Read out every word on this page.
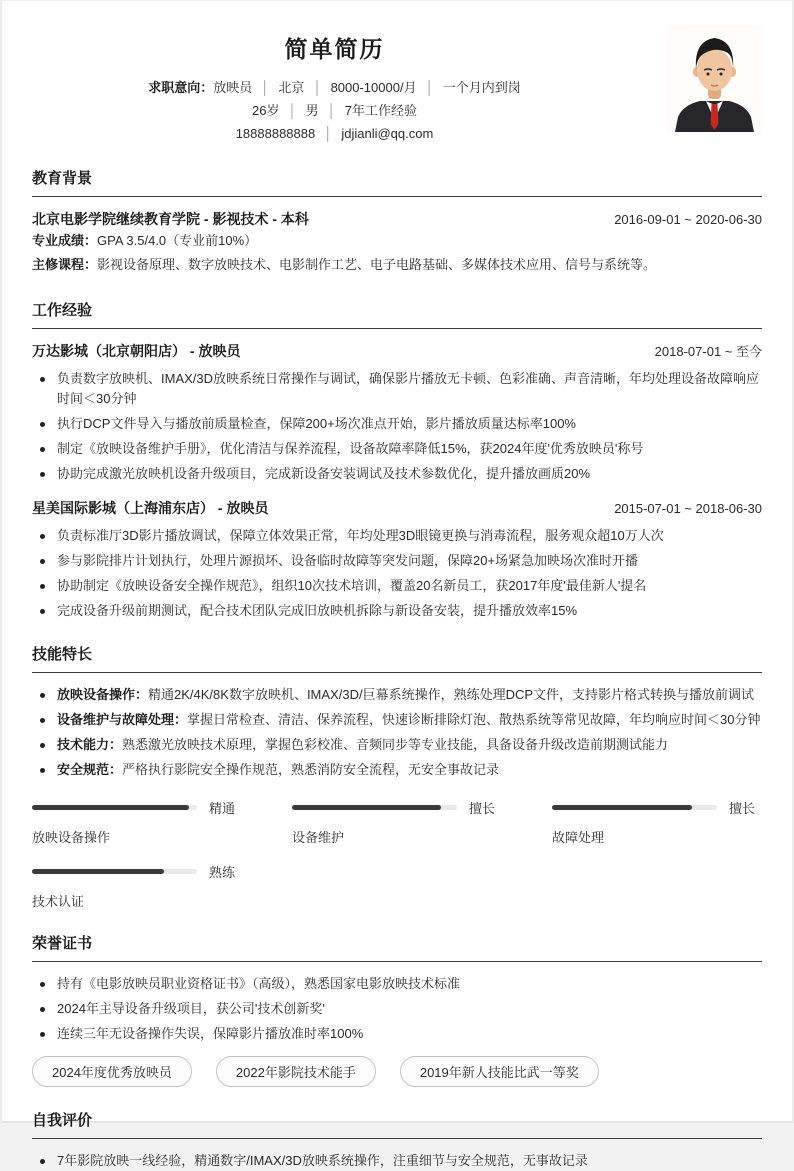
简单简历
求职意向：放映员 │ 北京 │ 8000-10000/月 │ 一个月内到岗
26岁 │ 男 │ 7年工作经验
18888888888 │ jdjianli@qq.com
教育背景
北京电影学院继续教育学院 - 影视技术 - 本科	2016-09-01 ~ 2020-06-30
专业成绩：GPA 3.5/4.0（专业前10%）
主修课程：影视设备原理、数字放映技术、电影制作工艺、电子电路基础、多媒体技术应用、信号与系统等。
工作经验
万达影城（北京朝阳店） - 放映员	2018-07-01 ~ 至今
负责数字放映机、IMAX/3D放映系统日常操作与调试，确保影片播放无卡顿、色彩准确、声音清晰，年均处理设备故障响应时间＜30分钟
执行DCP文件导入与播放前质量检查，保障200+场次准点开始，影片播放质量达标率100%
制定《放映设备维护手册》，优化清洁与保养流程，设备故障率降低15%，获2024年度'优秀放映员'称号
协助完成激光放映机设备升级项目，完成新设备安装调试及技术参数优化，提升播放画质20%
星美国际影城（上海浦东店） - 放映员	2015-07-01 ~ 2018-06-30
负责标准厅3D影片播放调试，保障立体效果正常，年均处理3D眼镜更换与消毒流程，服务观众超10万人次
参与影院排片计划执行，处理片源损坏、设备临时故障等突发问题，保障20+场紧急加映场次准时开播
协助制定《放映设备安全操作规范》，组织10次技术培训，覆盖20名新员工，获2017年度'最佳新人'提名
完成设备升级前期测试，配合技术团队完成旧放映机拆除与新设备安装，提升播放效率15%
技能特长
放映设备操作：精通2K/4K/8K数字放映机、IMAX/3D/巨幕系统操作，熟练处理DCP文件，支持影片格式转换与播放前调试
设备维护与故障处理：掌握日常检查、清洁、保养流程，快速诊断排除灯泡、散热系统等常见故障，年均响应时间＜30分钟
技术能力：熟悉激光放映技术原理，掌握色彩校准、音频同步等专业技能，具备设备升级改造前期测试能力
安全规范：严格执行影院安全操作规范，熟悉消防安全流程，无安全事故记录
精通
放映设备操作
擅长
设备维护
擅长
故障处理
熟练
技术认证
荣誉证书
持有《电影放映员职业资格证书》（高级），熟悉国家电影放映技术标准
2024年主导设备升级项目，获公司'技术创新奖'
连续三年无设备操作失误，保障影片播放准时率100%
2024年度优秀放映员	2022年影院技术能手	2019年新人技能比武一等奖
自我评价
7年影院放映一线经验，精通数字/IMAX/3D放映系统操作，注重细节与安全规范，无事故记录
